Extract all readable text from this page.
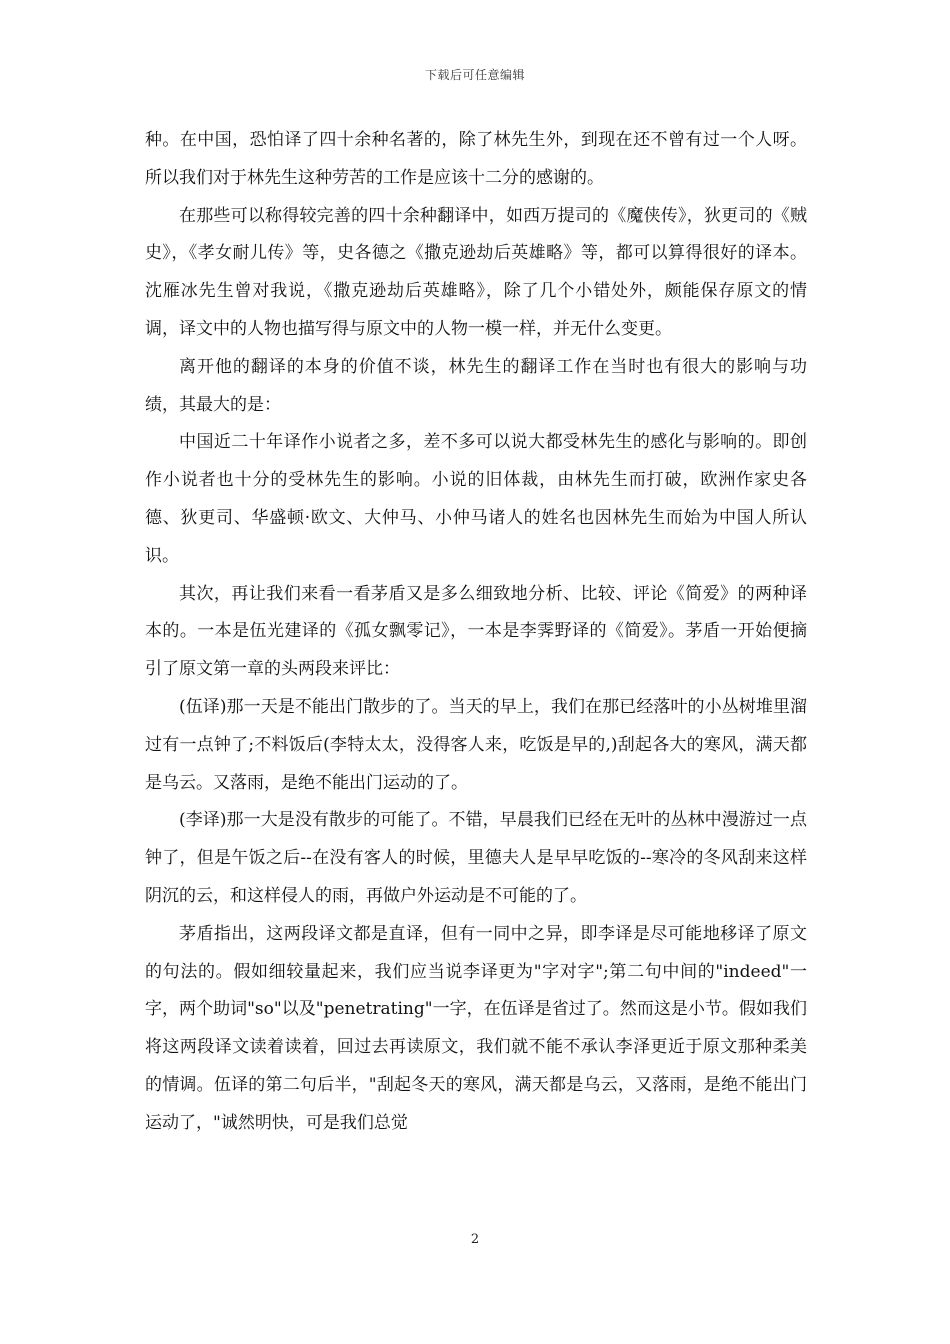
下载后可任意编辑

种。在中国，恐怕译了四十余种名著的，除了林先生外，到现在还不曾有过一个人呀。所以我们对于林先生这种劳苦的工作是应该十二分的感谢的。

在那些可以称得较完善的四十余种翻译中，如西万提司的《魔侠传》，狄更司的《贼史》，《孝女耐儿传》等，史各德之《撒克逊劫后英雄略》等，都可以算得很好的译本。沈雁冰先生曾对我说，《撒克逊劫后英雄略》，除了几个小错处外，颇能保存原文的情调，译文中的人物也描写得与原文中的人物一模一样，并无什么变更。

离开他的翻译的本身的价值不谈，林先生的翻译工作在当时也有很大的影响与功绩，其最大的是：

中国近二十年译作小说者之多，差不多可以说大都受林先生的感化与影响的。即创作小说者也十分的受林先生的影响。小说的旧体裁，由林先生而打破，欧洲作家史各德、狄更司、华盛顿·欧文、大仲马、小仲马诸人的姓名也因林先生而始为中国人所认识。

其次，再让我们来看一看茅盾又是多么细致地分析、比较、评论《简爱》的两种译本的。一本是伍光建译的《孤女飘零记》，一本是李霁野译的《简爱》。茅盾一开始便摘引了原文第一章的头两段来评比：

(伍译)那一天是不能出门散步的了。当天的早上，我们在那已经落叶的小丛树堆里溜过有一点钟了;不料饭后(李特太太，没得客人来，吃饭是早的,)刮起各大的寒风，满天都是乌云。又落雨，是绝不能出门运动的了。

(李译)那一大是没有散步的可能了。不错，早晨我们已经在无叶的丛林中漫游过一点钟了，但是午饭之后--在没有客人的时候，里德夫人是早早吃饭的--寒冷的冬风刮来这样阴沉的云，和这样侵人的雨，再做户外运动是不可能的了。

茅盾指出，这两段译文都是直译，但有一同中之异，即李译是尽可能地移译了原文的句法的。假如细较量起来，我们应当说李译更为"字对字";第二句中间的"indeed"一字，两个助词"so"以及"penetrating"一字，在伍译是省过了。然而这是小节。假如我们将这两段译文读着读着，回过去再读原文，我们就不能不承认李泽更近于原文那种柔美的情调。伍译的第二句后半，"刮起冬天的寒风，满天都是乌云，又落雨，是绝不能出门运动了，"诚然明快，可是我们总觉

2
